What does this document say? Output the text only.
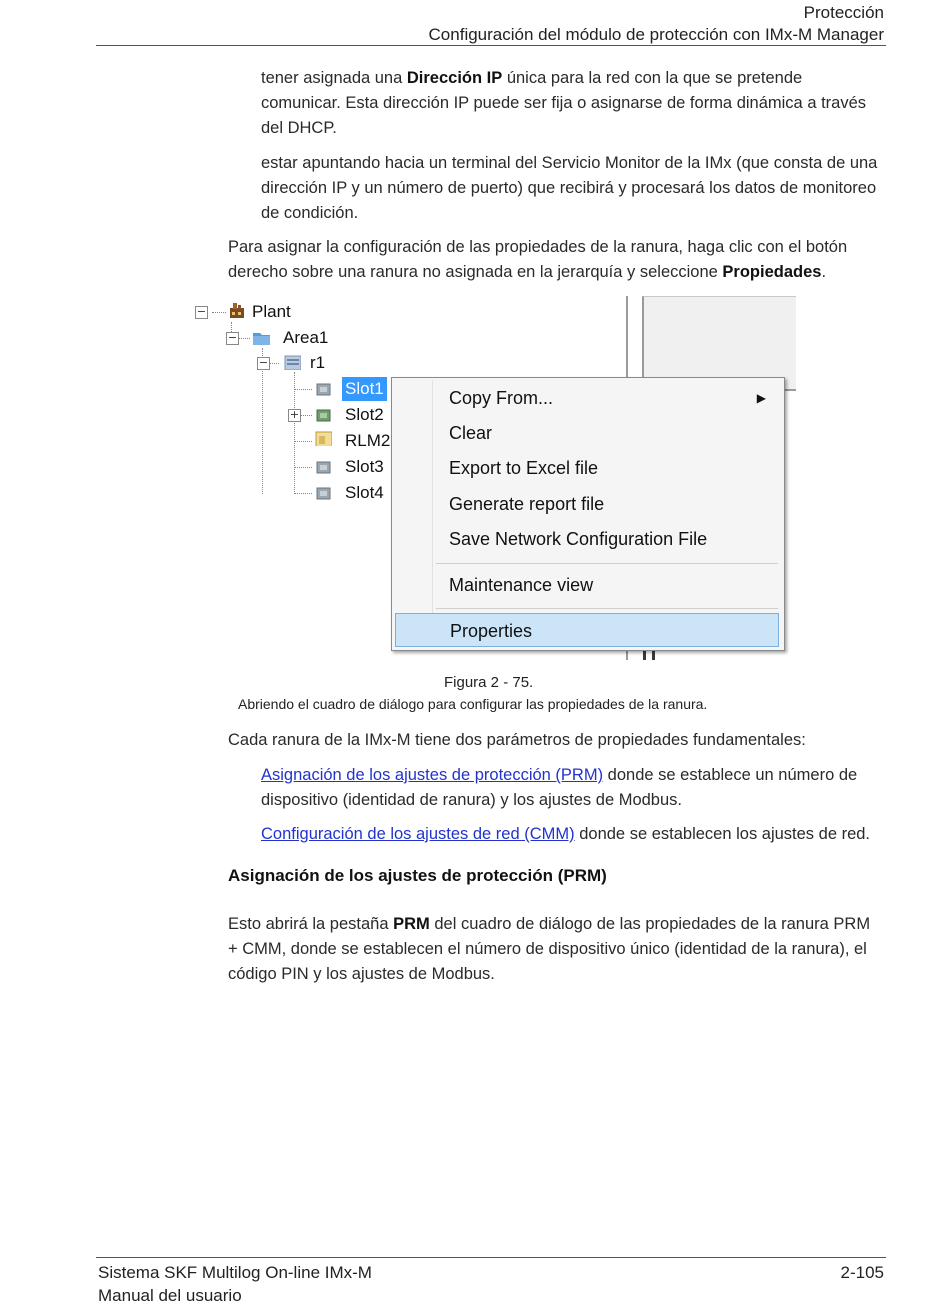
Protección
Configuración del módulo de protección con IMx-M Manager
tener asignada una Dirección IP única para la red con la que se pretende comunicar. Esta dirección IP puede ser fija o asignarse de forma dinámica a través del DHCP.
estar apuntando hacia un terminal del Servicio Monitor de la IMx (que consta de una dirección IP y un número de puerto) que recibirá y procesará los datos de monitoreo de condición.
Para asignar la configuración de las propiedades de la ranura, haga clic con el botón derecho sobre una ranura no asignada en la jerarquía y seleccione Propiedades.
−
−
−
+
Plant
Area1
r1
Slot1
Slot2
RLM2
Slot3
Slot4
Copy From...	▶
Clear
Export to Excel file
Generate report file
Save Network Configuration File
Maintenance view
Properties
Figura 2 - 75.
Abriendo el cuadro de diálogo para configurar las propiedades de la ranura.
Cada ranura de la IMx-M tiene dos parámetros de propiedades fundamentales:
Asignación de los ajustes de protección (PRM) donde se establece un número de dispositivo (identidad de ranura) y los ajustes de Modbus.
Configuración de los ajustes de red (CMM) donde se establecen los ajustes de red.
Asignación de los ajustes de protección (PRM)
Esto abrirá la pestaña PRM del cuadro de diálogo de las propiedades de la ranura PRM + CMM, donde se establecen el número de dispositivo único (identidad de la ranura), el código PIN y los ajustes de Modbus.
Sistema SKF Multilog On-line IMx-M
Manual del usuario
2-105
